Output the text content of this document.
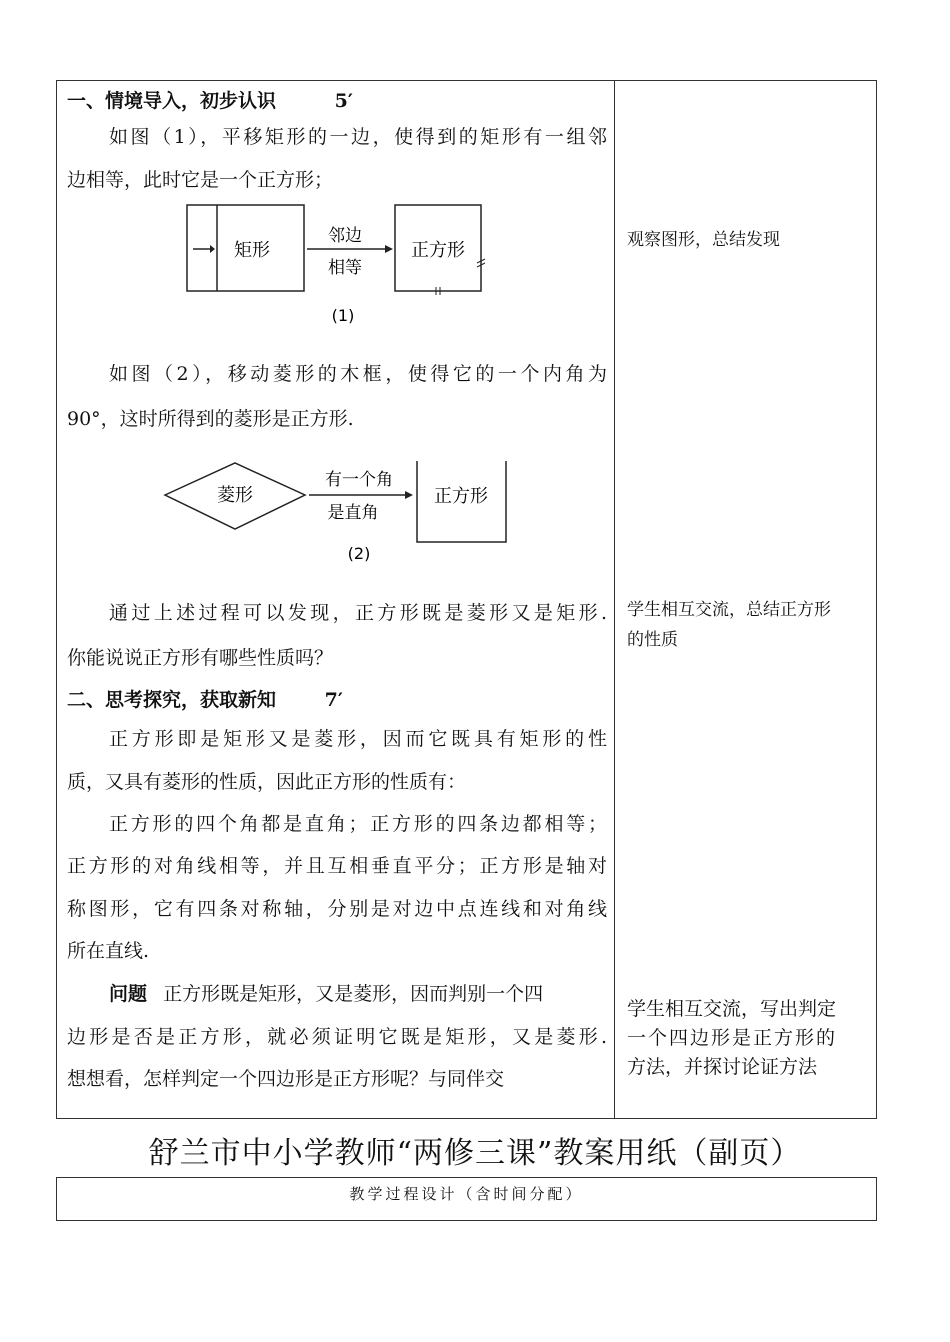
一、情境导入，初步认识	5′
如图（1），平移矩形的一边，使得到的矩形有一组邻
边相等，此时它是一个正方形；
矩形
邻边
相等
正方形
(1)
如图（2），移动菱形的木框，使得它的一个内角为
90°，这时所得到的菱形是正方形.
菱形
有一个角
是直角
正方形
(2)
通过上述过程可以发现，正方形既是菱形又是矩形.
你能说说正方形有哪些性质吗？
二、思考探究，获取新知	7′
正方形即是矩形又是菱形，因而它既具有矩形的性
质，又具有菱形的性质，因此正方形的性质有：
正方形的四个角都是直角；正方形的四条边都相等；
正方形的对角线相等，并且互相垂直平分；正方形是轴对
称图形，它有四条对称轴，分别是对边中点连线和对角线
所在直线.
问题 正方形既是矩形，又是菱形，因而判别一个四
边形是否是正方形，就必须证明它既是矩形，又是菱形.
想想看，怎样判定一个四边形是正方形呢？与同伴交
观察图形，总结发现
学生相互交流，总结正方形
的性质
学生相互交流，写出判定
一个四边形是正方形的
方法，并探讨论证方法
舒兰市中小学教师“两修三课”教案用纸（副页）
教学过程设计（含时间分配）
